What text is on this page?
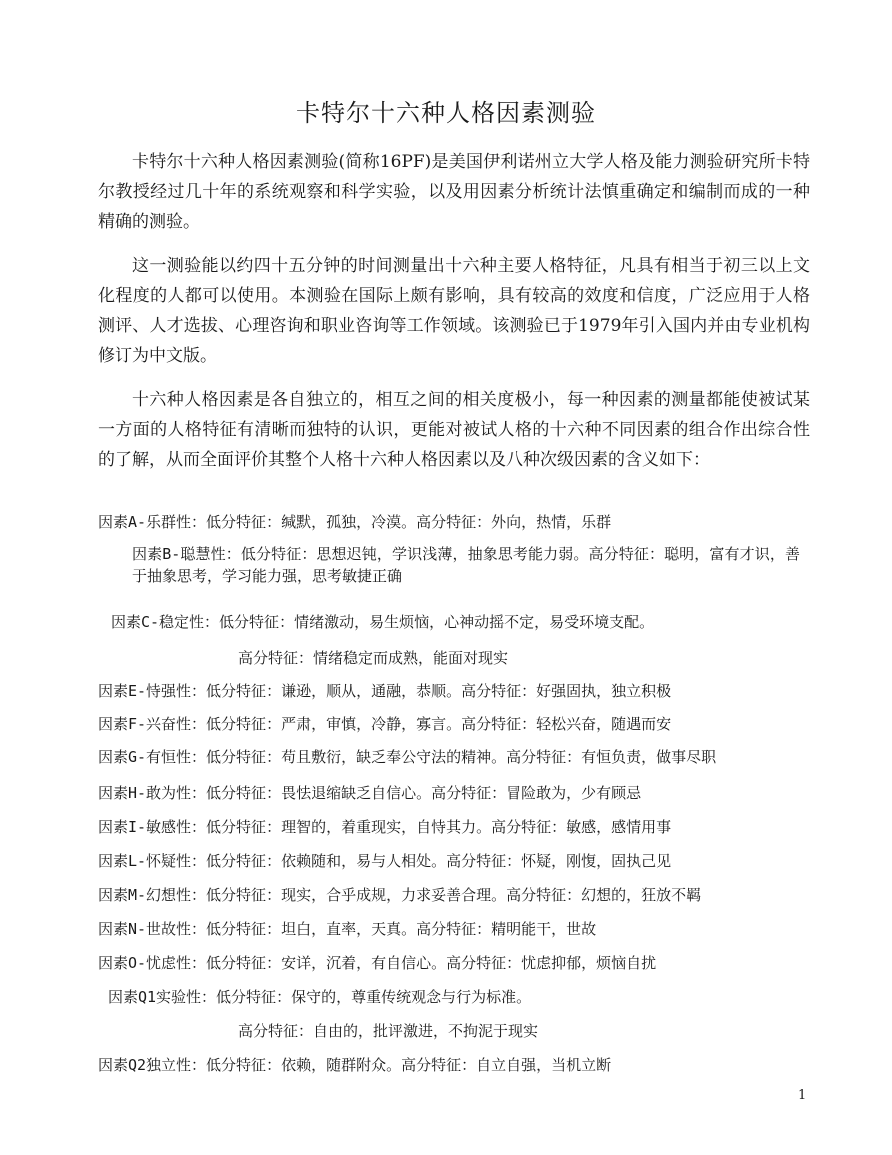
卡特尔十六种人格因素测验

卡特尔十六种人格因素测验(简称16PF)是美国伊利诺州立大学人格及能力测验研究所卡特尔教授经过几十年的系统观察和科学实验，以及用因素分析统计法慎重确定和编制而成的一种精确的测验。

这一测验能以约四十五分钟的时间测量出十六种主要人格特征，凡具有相当于初三以上文化程度的人都可以使用。本测验在国际上颇有影响，具有较高的效度和信度，广泛应用于人格测评、人才选拔、心理咨询和职业咨询等工作领域。该测验已于1979年引入国内并由专业机构修订为中文版。

十六种人格因素是各自独立的，相互之间的相关度极小，每一种因素的测量都能使被试某一方面的人格特征有清晰而独特的认识，更能对被试人格的十六种不同因素的组合作出综合性的了解，从而全面评价其整个人格十六种人格因素以及八种次级因素的含义如下：

因素A-乐群性：低分特征：缄默，孤独，冷漠。高分特征：外向，热情，乐群
因素B-聪慧性：低分特征：思想迟钝，学识浅薄，抽象思考能力弱。高分特征：聪明，富有才识，善于抽象思考，学习能力强，思考敏捷正确
因素C-稳定性：低分特征：情绪激动，易生烦恼，心神动摇不定，易受环境支配。
高分特征：情绪稳定而成熟，能面对现实
因素E-恃强性：低分特征：谦逊，顺从，通融，恭顺。高分特征：好强固执，独立积极
因素F-兴奋性：低分特征：严肃，审慎，冷静，寡言。高分特征：轻松兴奋，随遇而安
因素G-有恒性：低分特征：苟且敷衍，缺乏奉公守法的精神。高分特征：有恒负责，做事尽职
因素H-敢为性：低分特征：畏怯退缩缺乏自信心。高分特征：冒险敢为，少有顾忌
因素I-敏感性：低分特征：理智的，着重现实，自恃其力。高分特征：敏感，感情用事
因素L-怀疑性：低分特征：依赖随和，易与人相处。高分特征：怀疑，刚愎，固执己见
因素M-幻想性：低分特征：现实，合乎成规，力求妥善合理。高分特征：幻想的，狂放不羁
因素N-世故性：低分特征：坦白，直率，天真。高分特征：精明能干，世故
因素O-忧虑性：低分特征：安详，沉着，有自信心。高分特征：忧虑抑郁，烦恼自扰
因素Q1实验性：低分特征：保守的，尊重传统观念与行为标准。
高分特征：自由的，批评激进，不拘泥于现实
因素Q2独立性：低分特征：依赖，随群附众。高分特征：自立自强，当机立断
1
